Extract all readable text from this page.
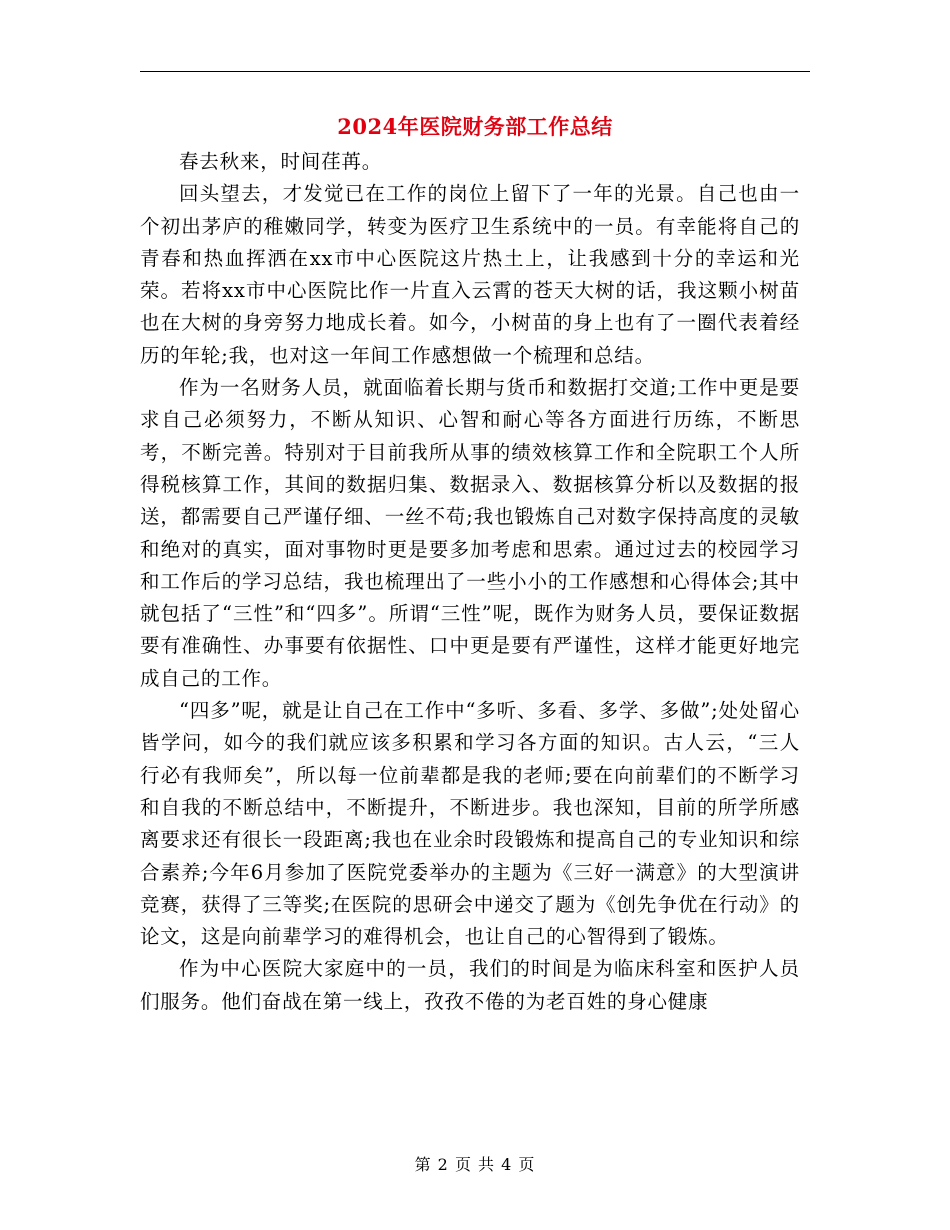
2024年医院财务部工作总结

春去秋来，时间荏苒。

回头望去，才发觉已在工作的岗位上留下了一年的光景。自己也由一个初出茅庐的稚嫩同学，转变为医疗卫生系统中的一员。有幸能将自己的青春和热血挥洒在xx市中心医院这片热土上，让我感到十分的幸运和光荣。若将xx市中心医院比作一片直入云霄的苍天大树的话，我这颗小树苗也在大树的身旁努力地成长着。如今，小树苗的身上也有了一圈代表着经历的年轮;我，也对这一年间工作感想做一个梳理和总结。

作为一名财务人员，就面临着长期与货币和数据打交道;工作中更是要求自己必须努力，不断从知识、心智和耐心等各方面进行历练，不断思考，不断完善。特别对于目前我所从事的绩效核算工作和全院职工个人所得税核算工作，其间的数据归集、数据录入、数据核算分析以及数据的报送，都需要自己严谨仔细、一丝不苟;我也锻炼自己对数字保持高度的灵敏和绝对的真实，面对事物时更是要多加考虑和思索。通过过去的校园学习和工作后的学习总结，我也梳理出了一些小小的工作感想和心得体会;其中就包括了“三性”和“四多”。所谓“三性”呢，既作为财务人员，要保证数据要有准确性、办事要有依据性、口中更是要有严谨性，这样才能更好地完成自己的工作。

“四多”呢，就是让自己在工作中“多听、多看、多学、多做”;处处留心皆学问，如今的我们就应该多积累和学习各方面的知识。古人云，“三人行必有我师矣”，所以每一位前辈都是我的老师;要在向前辈们的不断学习和自我的不断总结中，不断提升，不断进步。我也深知，目前的所学所感离要求还有很长一段距离;我也在业余时段锻炼和提高自己的专业知识和综合素养;今年6月参加了医院党委举办的主题为《三好一满意》的大型演讲竞赛，获得了三等奖;在医院的思研会中递交了题为《创先争优在行动》的论文，这是向前辈学习的难得机会，也让自己的心智得到了锻炼。

作为中心医院大家庭中的一员，我们的时间是为临床科室和医护人员们服务。他们奋战在第一线上，孜孜不倦的为老百姓的身心健康

第 2 页 共 4 页
